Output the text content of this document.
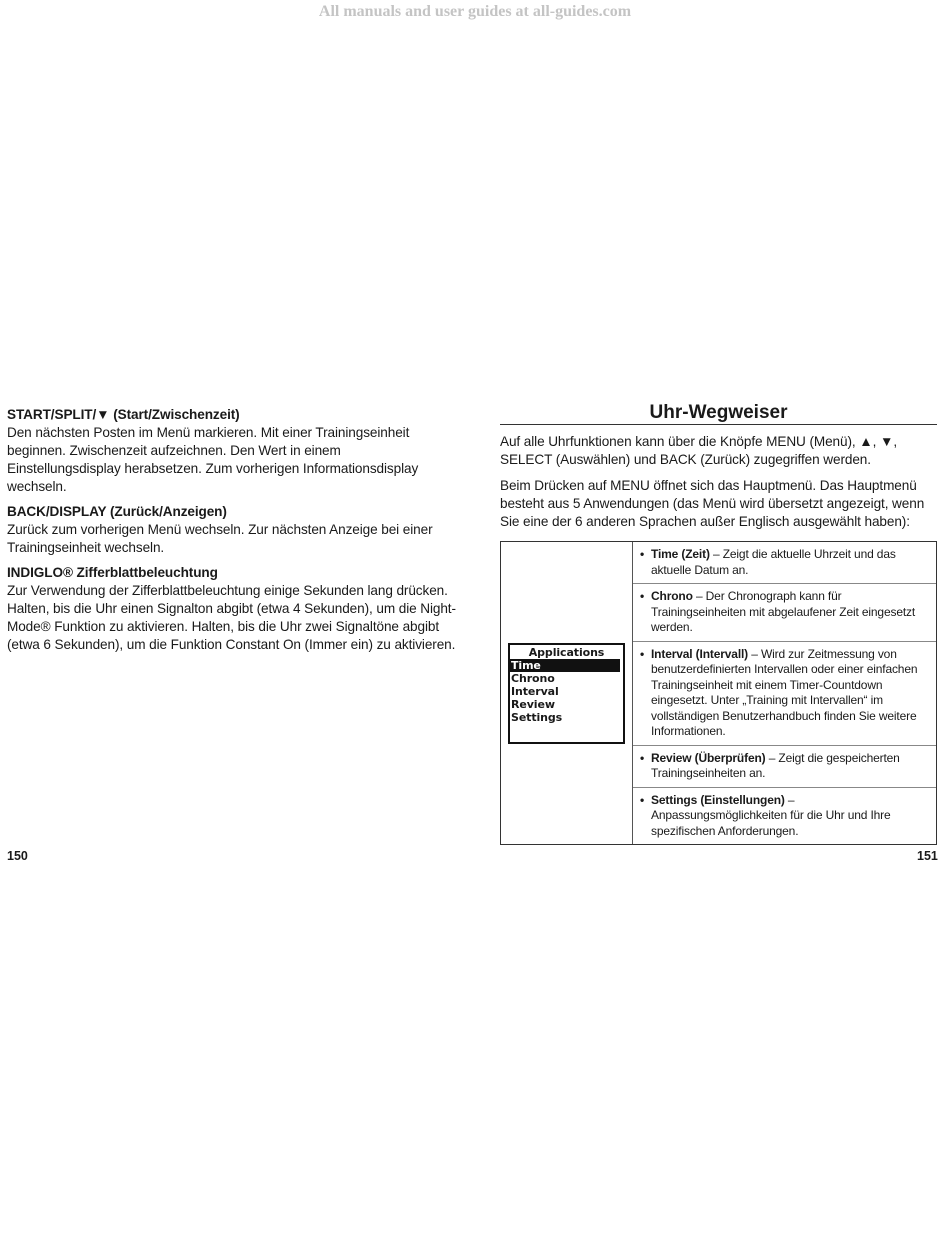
All manuals and user guides at all-guides.com
START/SPLIT/▼ (Start/Zwischenzeit)
Den nächsten Posten im Menü markieren. Mit einer Trainingseinheit beginnen. Zwischenzeit aufzeichnen. Den Wert in einem Einstellungsdisplay herabsetzen. Zum vorherigen Informationsdisplay wechseln.
BACK/DISPLAY (Zurück/Anzeigen)
Zurück zum vorherigen Menü wechseln. Zur nächsten Anzeige bei einer Trainingseinheit wechseln.
INDIGLO® Zifferblattbeleuchtung
Zur Verwendung der Zifferblattbeleuchtung einige Sekunden lang drücken. Halten, bis die Uhr einen Signalton abgibt (etwa 4 Sekunden), um die Night-Mode® Funktion zu aktivieren. Halten, bis die Uhr zwei Signaltöne abgibt (etwa 6 Sekunden), um die Funktion Constant On (Immer ein) zu aktivieren.
Uhr-Wegweiser

Auf alle Uhrfunktionen kann über die Knöpfe MENU (Menü), ▲, ▼, SELECT (Auswählen) und BACK (Zurück) zugegriffen werden.

Beim Drücken auf MENU öffnet sich das Hauptmenü. Das Hauptmenü besteht aus 5 Anwendungen (das Menü wird übersetzt angezeigt, wenn Sie eine der 6 anderen Sprachen außer Englisch ausgewählt haben):

Applications
Time
Chrono
Interval
Review
Settings
• Time (Zeit) – Zeigt die aktuelle Uhrzeit und das aktuelle Datum an.
• Chrono – Der Chronograph kann für Trainingseinheiten mit abgelaufener Zeit eingesetzt werden.
• Interval (Intervall) – Wird zur Zeitmessung von benutzerdefinierten Intervallen oder einer einfachen Trainingseinheit mit einem Timer-Countdown eingesetzt. Unter „Training mit Intervallen“ im vollständigen Benutzerhandbuch finden Sie weitere Informationen.
• Review (Überprüfen) – Zeigt die gespeicherten Trainingseinheiten an.
• Settings (Einstellungen) – Anpassungsmöglichkeiten für die Uhr und Ihre spezifischen Anforderungen.
150	151
